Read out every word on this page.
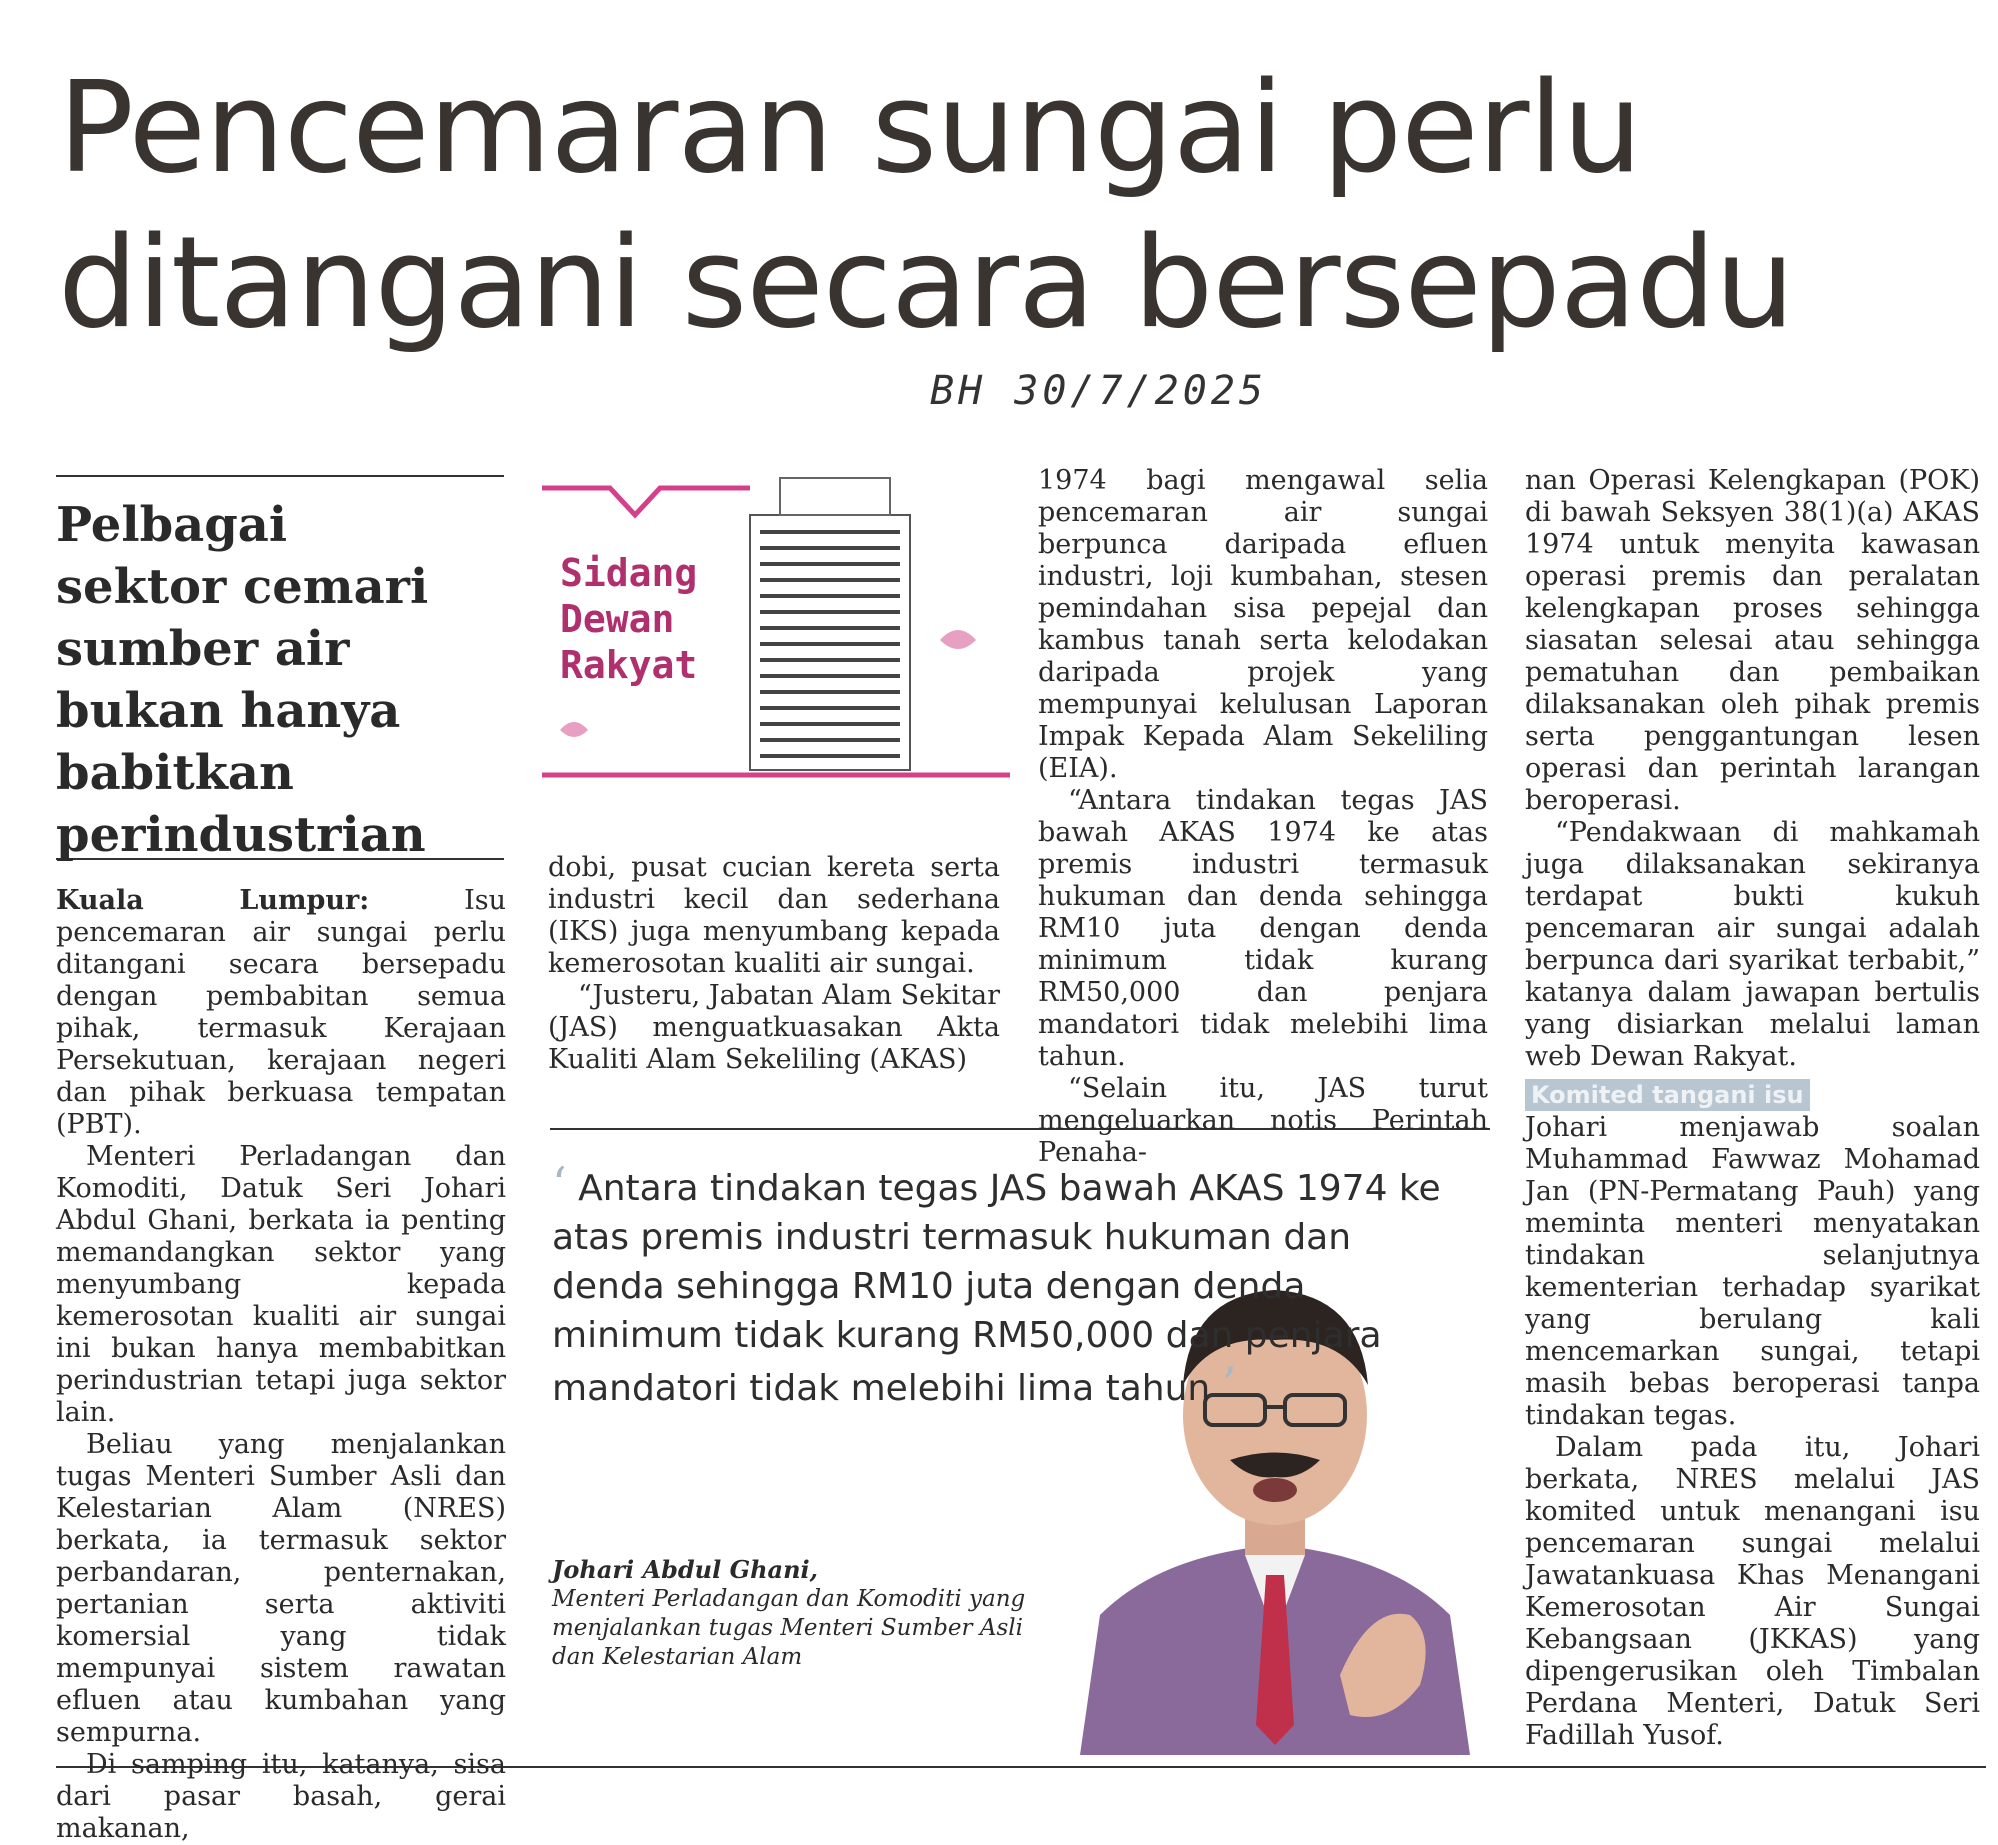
Pencemaran sungai perlu
ditangani secara bersepadu
BH 30/7/2025
Pelbagai sektor cemari sumber air bukan hanya babitkan perindustrian
Sidang
Dewan
Rakyat

Kuala Lumpur:	Isu pencemaran air sungai perlu ditangani secara bersepadu dengan pembabitan semua pihak, termasuk Kerajaan Persekutuan, kerajaan negeri dan pihak berkuasa tempatan (PBT).

Menteri Perladangan dan Komoditi, Datuk Seri Johari Abdul Ghani, berkata ia penting memandangkan sektor yang menyumbang kepada kemerosotan kualiti air sungai ini bukan hanya membabitkan perindustrian tetapi juga sektor lain.

Beliau yang menjalankan tugas Menteri Sumber Asli dan Kelestarian Alam (NRES) berkata, ia termasuk sektor perbandaran, penternakan, pertanian serta aktiviti komersial yang tidak mempunyai sistem rawatan efluen atau kumbahan yang sempurna.

Di samping itu, katanya, sisa dari pasar basah, gerai makanan,

dobi, pusat cucian kereta serta industri kecil dan sederhana (IKS) juga menyumbang kepada kemerosotan kualiti air sungai.

“Justeru, Jabatan Alam Sekitar (JAS) menguatkuasakan Akta Kualiti Alam Sekeliling (AKAS)

1974 bagi mengawal selia pencemaran air sungai berpunca daripada efluen industri, loji kumbahan, stesen pemindahan sisa pepejal dan kambus tanah serta kelodakan daripada projek yang mempunyai kelulusan Laporan Impak Kepada Alam Sekeliling (EIA).

“Antara tindakan tegas JAS bawah AKAS 1974 ke atas premis industri termasuk hukuman dan denda sehingga RM10 juta dengan denda minimum tidak kurang RM50,000 dan penjara mandatori tidak melebihi lima tahun.

“Selain itu, JAS turut mengeluarkan notis Perintah Penaha-

nan Operasi Kelengkapan (POK) di bawah Seksyen 38(1)(a) AKAS 1974 untuk menyita kawasan operasi premis dan peralatan kelengkapan proses sehingga siasatan selesai atau sehingga pematuhan dan pembaikan dilaksanakan oleh pihak premis serta penggantungan lesen operasi dan perintah larangan beroperasi.

“Pendakwaan di mahkamah juga dilaksanakan sekiranya terdapat bukti kukuh pencemaran air sungai adalah berpunca dari syarikat terbabit,” katanya dalam jawapan bertulis yang disiarkan melalui laman web Dewan Rakyat.

Komited tangani isu

Johari menjawab soalan Muhammad Fawwaz Mohamad Jan (PN-Permatang Pauh) yang meminta menteri menyatakan tindakan selanjutnya kementerian terhadap syarikat yang berulang kali mencemarkan sungai, tetapi masih bebas beroperasi tanpa tindakan tegas.

Dalam pada itu, Johari berkata, NRES melalui JAS komited untuk menangani isu pencemaran sungai melalui Jawatankuasa Khas Menangani Kemerosotan Air Sungai Kebangsaan (JKKAS) yang dipengerusikan oleh Timbalan Perdana Menteri, Datuk Seri Fadillah Yusof.

‘ Antara tindakan tegas JAS bawah AKAS 1974 ke atas premis industri termasuk hukuman dan denda sehingga RM10 juta dengan denda minimum tidak kurang RM50,000 dan penjara mandatori tidak melebihi lima tahun ’
Johari Abdul Ghani,
Menteri Perladangan dan Komoditi yang menjalankan tugas Menteri Sumber Asli dan Kelestarian Alam
